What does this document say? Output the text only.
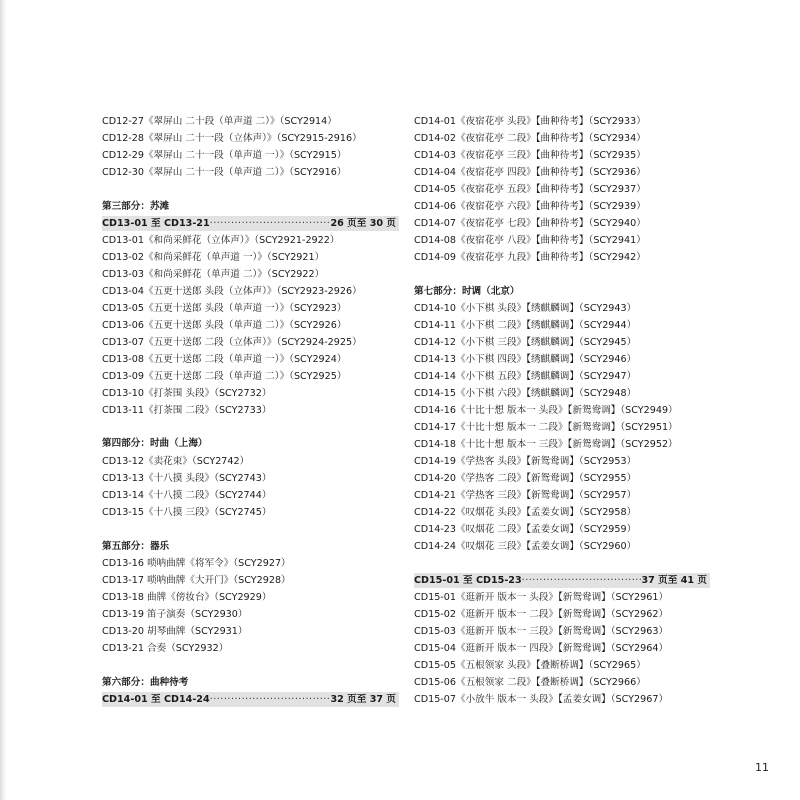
CD12-27《翠屏山 二十段（单声道 二）》（SCY2914）
CD12-28《翠屏山 二十一段（立体声）》（SCY2915-2916）
CD12-29《翠屏山 二十一段（单声道 一）》（SCY2915）
CD12-30《翠屏山 二十一段（单声道 二）》（SCY2916）
第三部分：苏滩
CD13-01 至 CD13-21 ·····	26 页至 30 页
CD13-01《和尚采鲜花（立体声）》（SCY2921-2922）
CD13-02《和尚采鲜花（单声道 一）》（SCY2921）
CD13-03《和尚采鲜花（单声道 二）》（SCY2922）
CD13-04《五更十送郎 头段（立体声）》（SCY2923-2926）
CD13-05《五更十送郎 头段（单声道 一）》（SCY2923）
CD13-06《五更十送郎 头段（单声道 二）》（SCY2926）
CD13-07《五更十送郎 二段（立体声）》（SCY2924-2925）
CD13-08《五更十送郎 二段（单声道 一）》（SCY2924）
CD13-09《五更十送郎 二段（单声道 二）》（SCY2925）
CD13-10《打茶围 头段》（SCY2732）
CD13-11《打茶围 二段》（SCY2733）
第四部分：时曲（上海）
CD13-12《卖花束》（SCY2742）
CD13-13《十八摸 头段》（SCY2743）
CD13-14《十八摸 二段》（SCY2744）
CD13-15《十八摸 三段》（SCY2745）
第五部分：器乐
CD13-16 唢呐曲牌《将军令》（SCY2927）
CD13-17 唢呐曲牌《大开门》（SCY2928）
CD13-18 曲牌《傍妆台》（SCY2929）
CD13-19 笛子演奏（SCY2930）
CD13-20 胡琴曲牌（SCY2931）
CD13-21 合奏（SCY2932）
第六部分：曲种待考
CD14-01 至 CD14-24 ·····	32 页至 37 页
CD14-01《夜宿花亭 头段》【曲种待考】（SCY2933）
CD14-02《夜宿花亭 二段》【曲种待考】（SCY2934）
CD14-03《夜宿花亭 三段》【曲种待考】（SCY2935）
CD14-04《夜宿花亭 四段》【曲种待考】（SCY2936）
CD14-05《夜宿花亭 五段》【曲种待考】（SCY2937）
CD14-06《夜宿花亭 六段》【曲种待考】（SCY2939）
CD14-07《夜宿花亭 七段》【曲种待考】（SCY2940）
CD14-08《夜宿花亭 八段》【曲种待考】（SCY2941）
CD14-09《夜宿花亭 九段》【曲种待考】（SCY2942）
第七部分：时调（北京）
CD14-10《小下棋 头段》【绣麒麟调】（SCY2943）
CD14-11《小下棋 二段》【绣麒麟调】（SCY2944）
CD14-12《小下棋 三段》【绣麒麟调】（SCY2945）
CD14-13《小下棋 四段》【绣麒麟调】（SCY2946）
CD14-14《小下棋 五段》【绣麒麟调】（SCY2947）
CD14-15《小下棋 六段》【绣麒麟调】（SCY2948）
CD14-16《十比十想 版本一 头段》【新鸳鸯调】（SCY2949）
CD14-17《十比十想 版本一 二段》【新鸳鸯调】（SCY2951）
CD14-18《十比十想 版本一 三段》【新鸳鸯调】（SCY2952）
CD14-19《学热客 头段》【新鸳鸯调】（SCY2953）
CD14-20《学热客 二段》【新鸳鸯调】（SCY2955）
CD14-21《学热客 三段》【新鸳鸯调】（SCY2957）
CD14-22《叹烟花 头段》【孟姜女调】（SCY2958）
CD14-23《叹烟花 二段》【孟姜女调】（SCY2959）
CD14-24《叹烟花 三段》【孟姜女调】（SCY2960）
CD15-01 至 CD15-23 ·····	37 页至 41 页
CD15-01《逛新开 版本一 头段》【新鸳鸯调】（SCY2961）
CD15-02《逛新开 版本一 二段》【新鸳鸯调】（SCY2962）
CD15-03《逛新开 版本一 三段》【新鸳鸯调】（SCY2963）
CD15-04《逛新开 版本一 四段》【新鸳鸯调】（SCY2964）
CD15-05《五根领家 头段》【叠断桥调】（SCY2965）
CD15-06《五根领家 二段》【叠断桥调】（SCY2966）
CD15-07《小放牛 版本一 头段》【孟姜女调】（SCY2967）
11
